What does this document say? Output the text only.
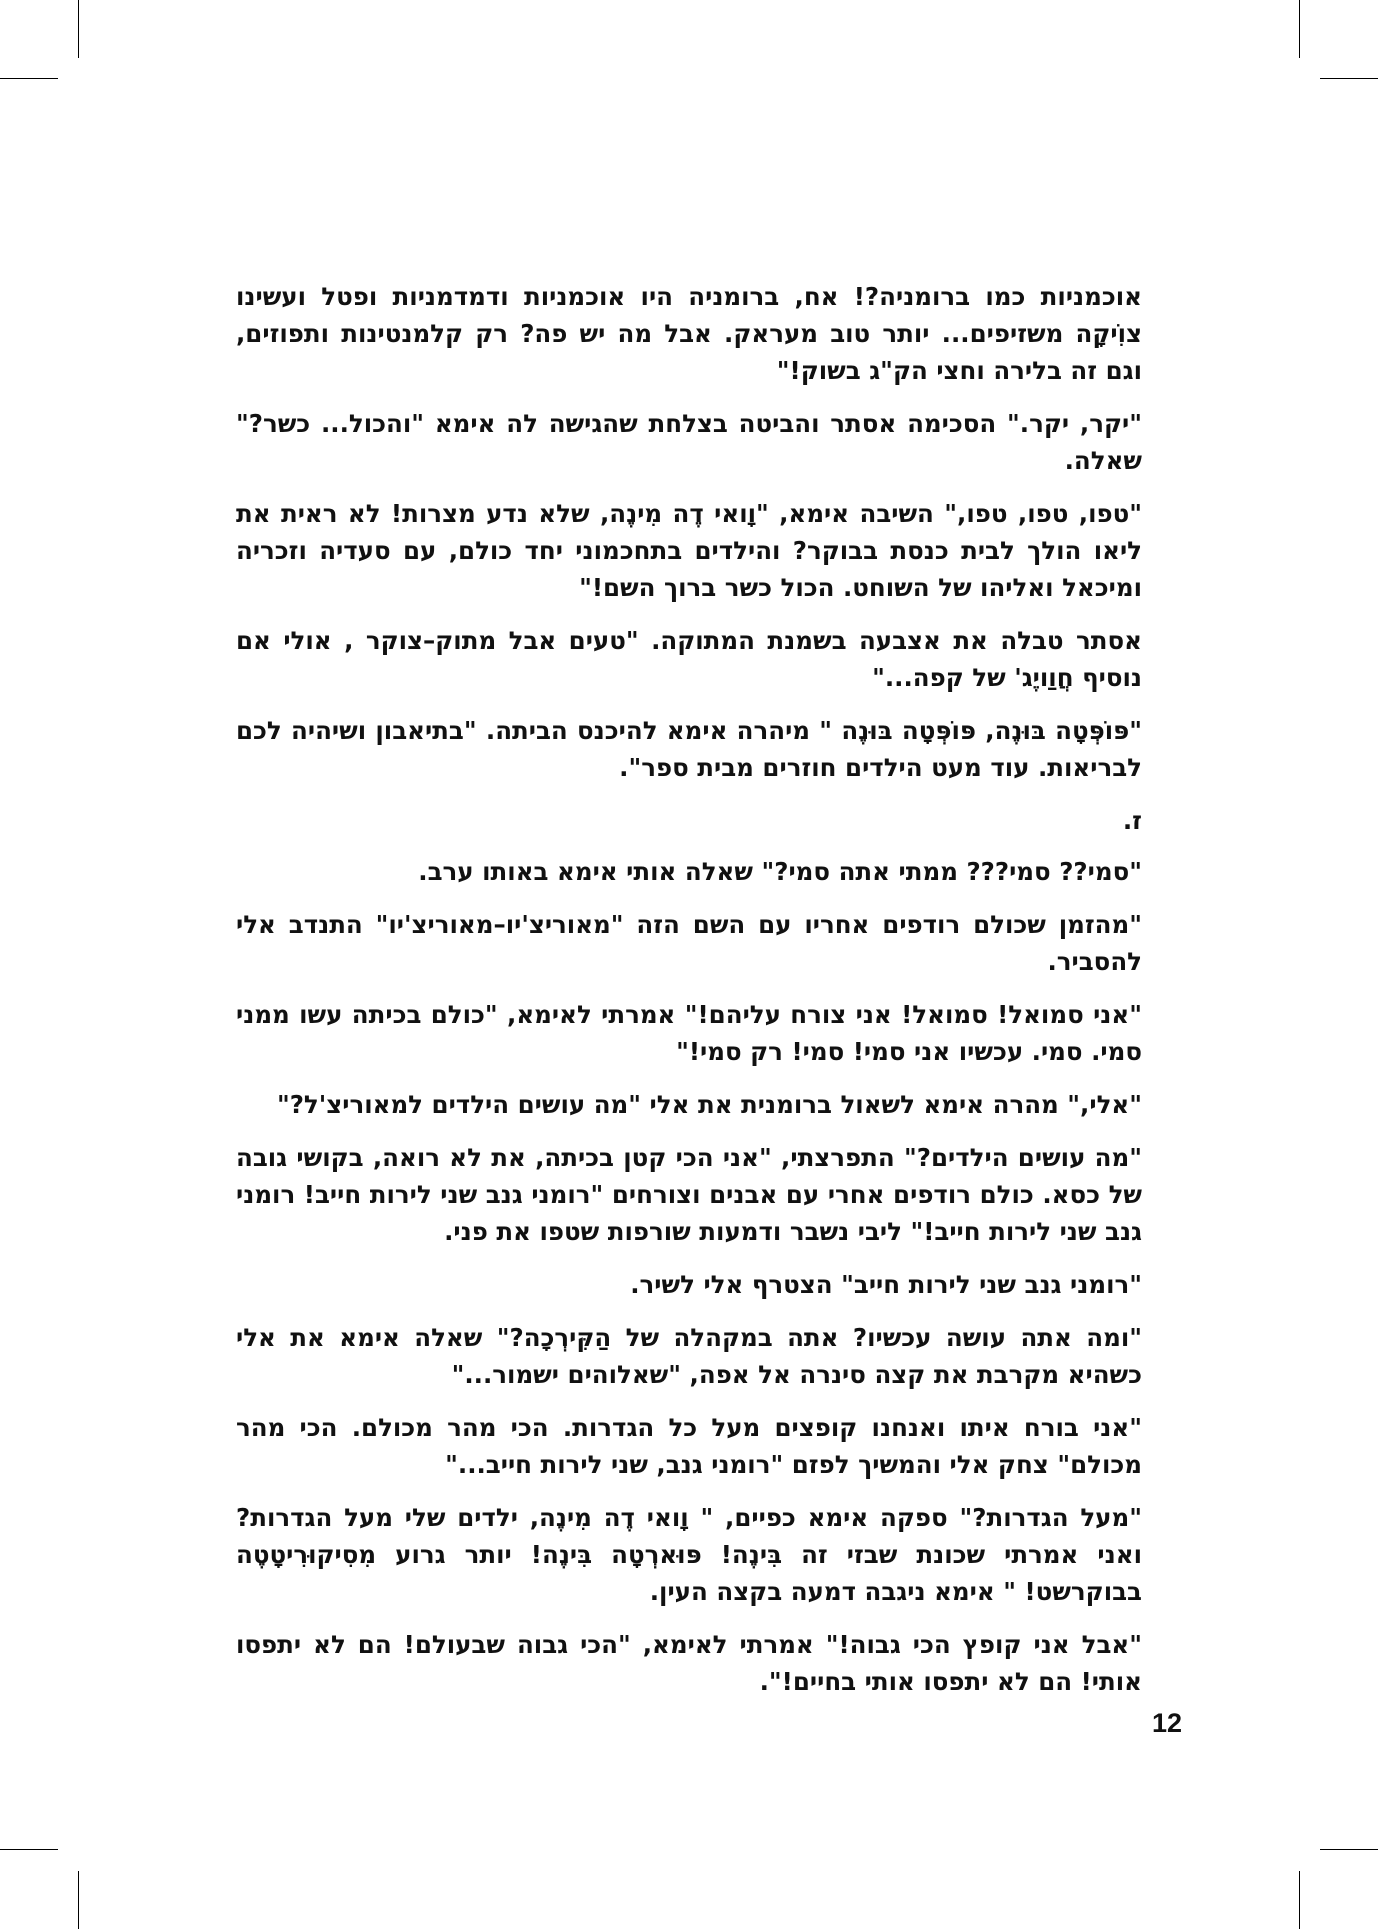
אוכמניות כמו ברומניה?! אח, ברומניה היו אוכמניות ודמדמניות ופטל ועשינו צוִֹיקָה משזיפים... יותר טוב מעראק. אבל מה יש פה? רק קלמנטינות ותפוזים, וגם זה בלירה וחצי הק"ג בשוק!"

"יקר, יקר." הסכימה אסתר והביטה בצלחת שהגישה לה אימא "והכול... כשר?" שאלה.

"טפו, טפו, טפו," השיבה אימא, "וָואי דֶה מִינֶה, שלא נדע מצרות! לא ראית את ליאו הולך לבית כנסת בבוקר? והילדים בתחכמוני יחד כולם, עם סעדיה וזכריה ומיכאל ואליהו של השוחט. הכול כשר ברוך השם!"

אסתר טבלה את אצבעה בשמנת המתוקה. "טעים אבל מתוק–צוקר , אולי אם נוסיף חֲוַויֶג' של קפה..."

"פּוֹפְּטָה בּוּנֶה, פּוֹפְּטָה בּוּנֶה " מיהרה אימא להיכנס הביתה. "בתיאבון ושיהיה לכם לבריאות. עוד מעט הילדים חוזרים מבית ספר".

ז.

"סמי?? סמי??? ממתי אתה סמי?" שאלה אותי אימא באותו ערב.

"מהזמן שכולם רודפים אחריו עם השם הזה "מאוריצ'יו–מאוריצ'יו" התנדב אלי להסביר.

"אני סמואל! סמואל! אני צורח עליהם!" אמרתי לאימא, "כולם בכיתה עשו ממני סמי. סמי. עכשיו אני סמי! סמי! רק סמי!"

"אלי," מהרה אימא לשאול ברומנית את אלי "מה עושים הילדים למאוריצ'ל?"

"מה עושים הילדים?" התפרצתי, "אני הכי קטן בכיתה, את לא רואה, בקושי גובה של כסא. כולם רודפים אחרי עם אבנים וצורחים "רומני גנב שני לירות חייב! רומני גנב שני לירות חייב!" ליבי נשבר ודמעות שורפות שטפו את פני.

"רומני גנב שני לירות חייב" הצטרף אלי לשיר.

"ומה אתה עושה עכשיו? אתה במקהלה של הַקִּירְכָה?" שאלה אימא את אלי כשהיא מקרבת את קצה סינרה אל אפה, "שאלוהים ישמור..."

"אני בורח איתו ואנחנו קופצים מעל כל הגדרות. הכי מהר מכולם. הכי מהר מכולם" צחק אלי והמשיך לפזם "רומני גנב, שני לירות חייב..."

"מעל הגדרות?" ספקה אימא כפיים, " וָואי דֶה מִינֶה, ילדים שלי מעל הגדרות? ואני אמרתי שכונת שבזי זה בִּינֶה! פּוּארְטָה בִּינֶה! יותר גרוע מִסִיקוּרִיטָטֶה בבוקרשט! " אימא ניגבה דמעה בקצה העין.

"אבל אני קופץ הכי גבוה!" אמרתי לאימא, "הכי גבוה שבעולם! הם לא יתפסו אותי! הם לא יתפסו אותי בחיים!".

12
